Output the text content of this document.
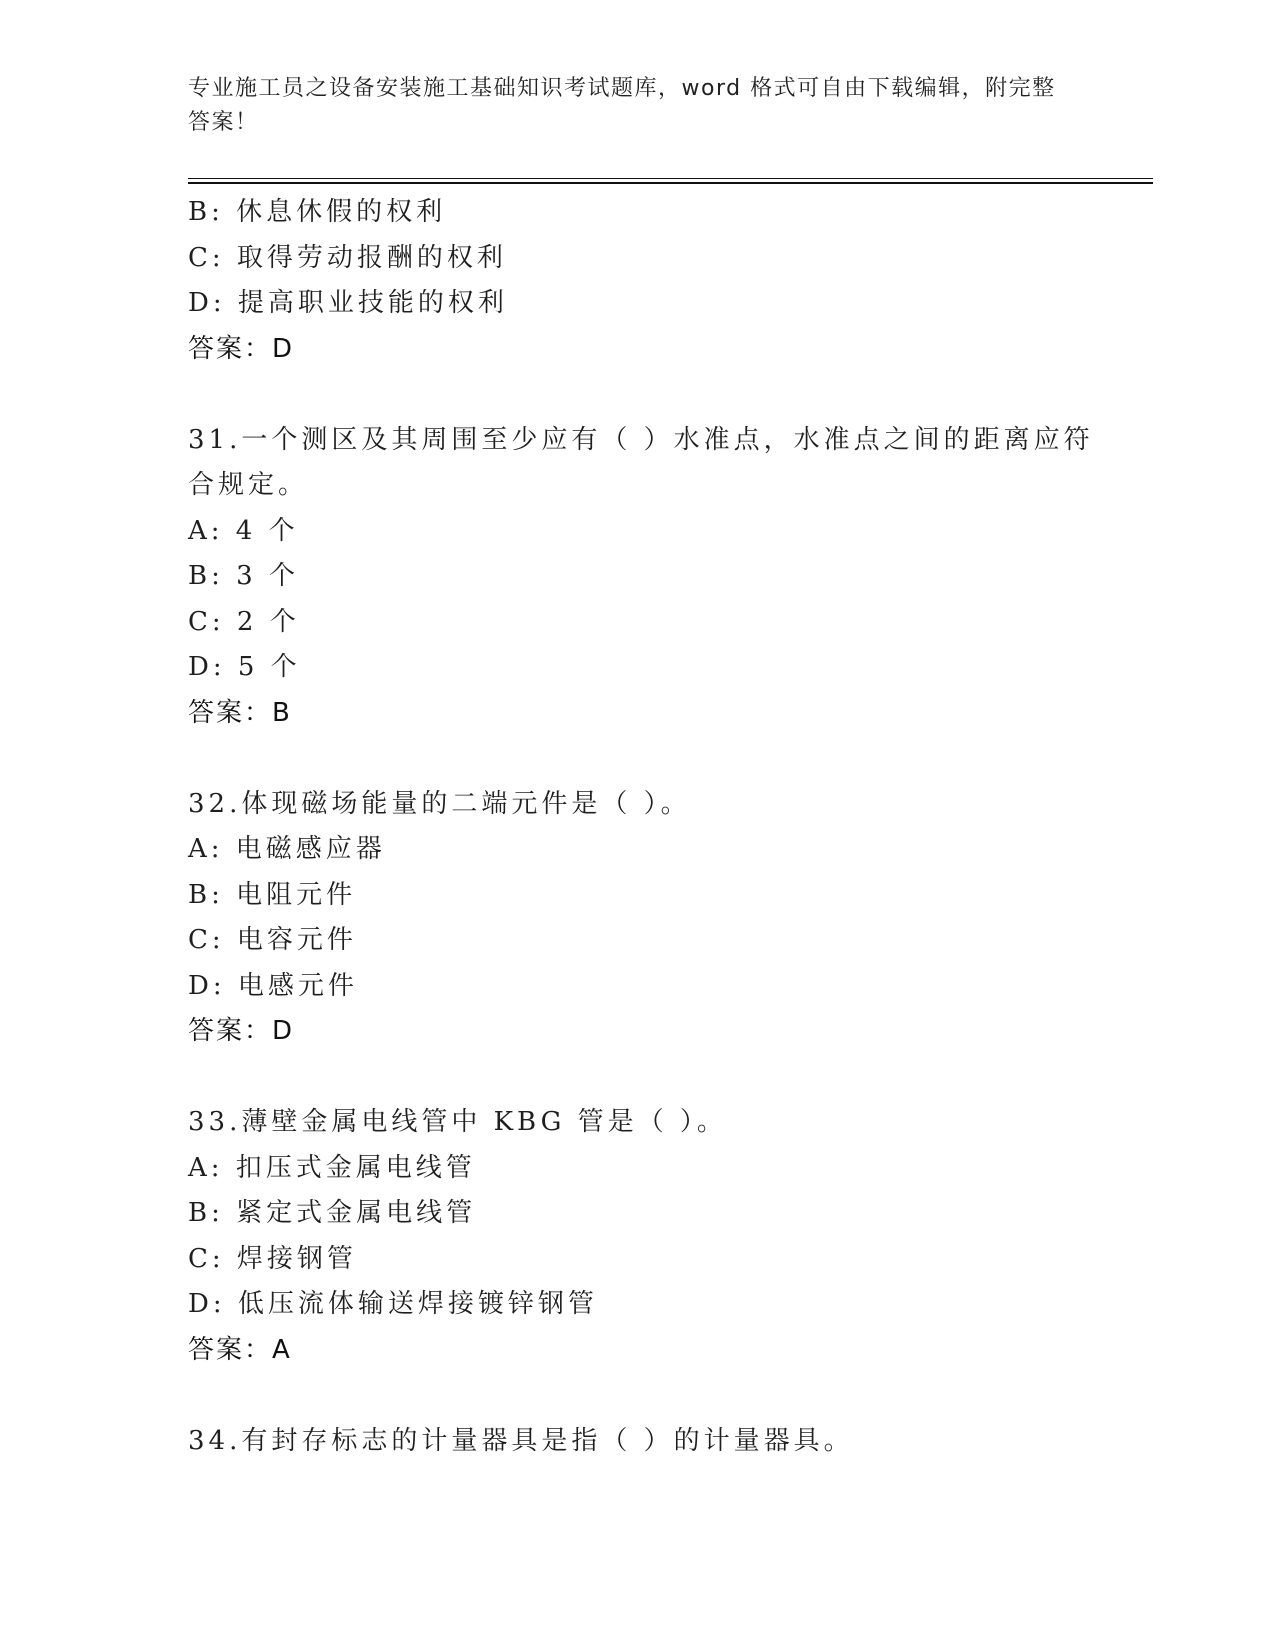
专业施工员之设备安装施工基础知识考试题库，word 格式可自由下载编辑，附完整答案！
B: 休息休假的权利
C: 取得劳动报酬的权利
D: 提高职业技能的权利
答案：D
31.一个测区及其周围至少应有（ ）水准点，水准点之间的距离应符合规定。
A: 4 个
B: 3 个
C: 2 个
D: 5 个
答案：B
32.体现磁场能量的二端元件是（ ）。
A: 电磁感应器
B: 电阻元件
C: 电容元件
D: 电感元件
答案：D
33.薄壁金属电线管中 KBG 管是（ ）。
A: 扣压式金属电线管
B: 紧定式金属电线管
C: 焊接钢管
D: 低压流体输送焊接镀锌钢管
答案：A
34.有封存标志的计量器具是指（ ）的计量器具。
